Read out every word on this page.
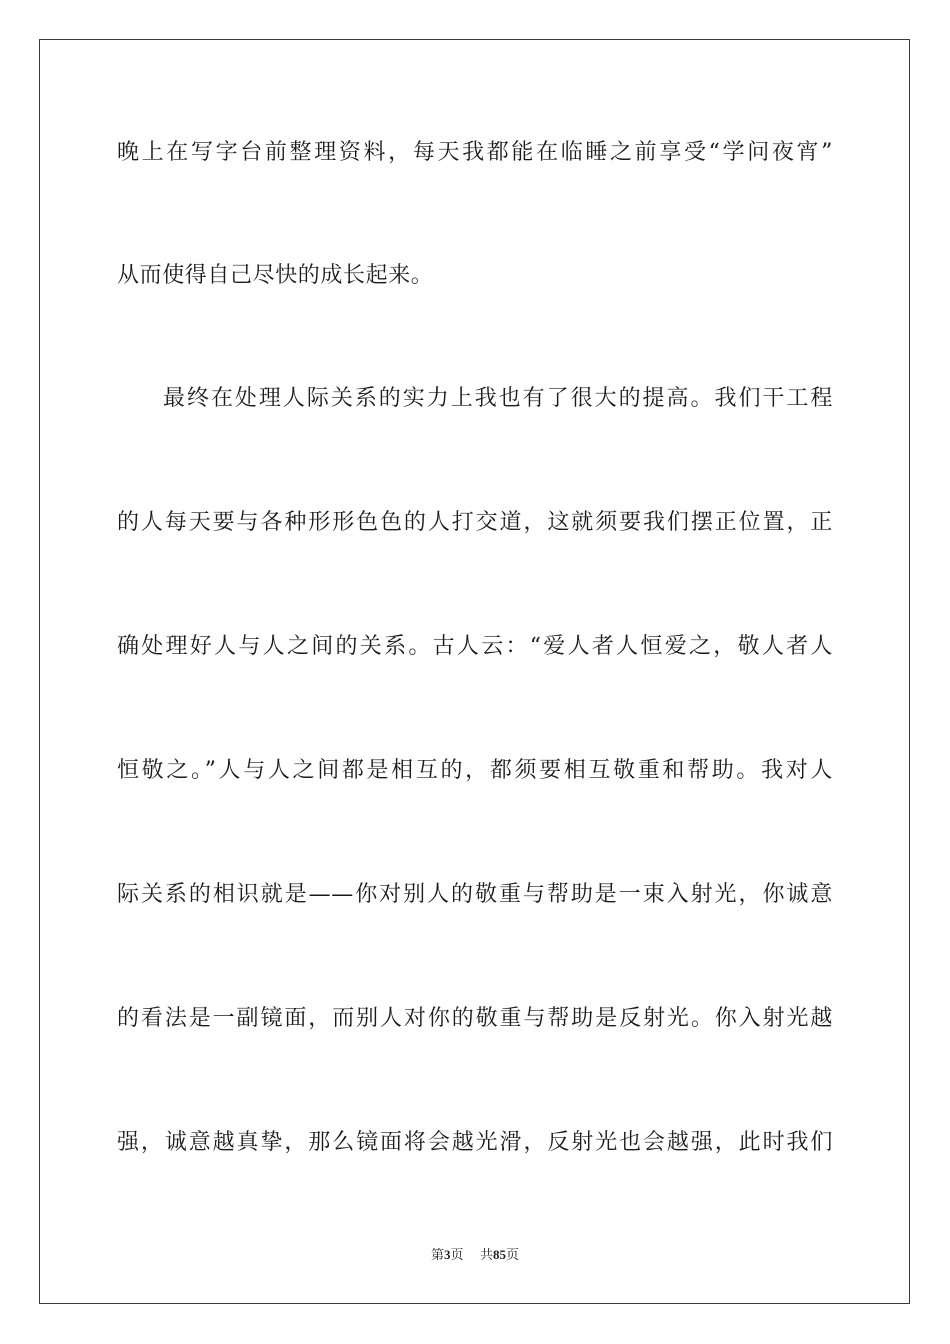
晚上在写字台前整理资料，每天我都能在临睡之前享受“学问夜宵”
从而使得自己尽快的成长起来。
最终在处理人际关系的实力上我也有了很大的提高。我们干工程
的人每天要与各种形形色色的人打交道，这就须要我们摆正位置，正
确处理好人与人之间的关系。古人云：“爱人者人恒爱之，敬人者人
恒敬之。”人与人之间都是相互的，都须要相互敬重和帮助。我对人
际关系的相识就是——你对别人的敬重与帮助是一束入射光，你诚意
的看法是一副镜面，而别人对你的敬重与帮助是反射光。你入射光越
强，诚意越真挚，那么镜面将会越光滑，反射光也会越强，此时我们
第3页 共85页
